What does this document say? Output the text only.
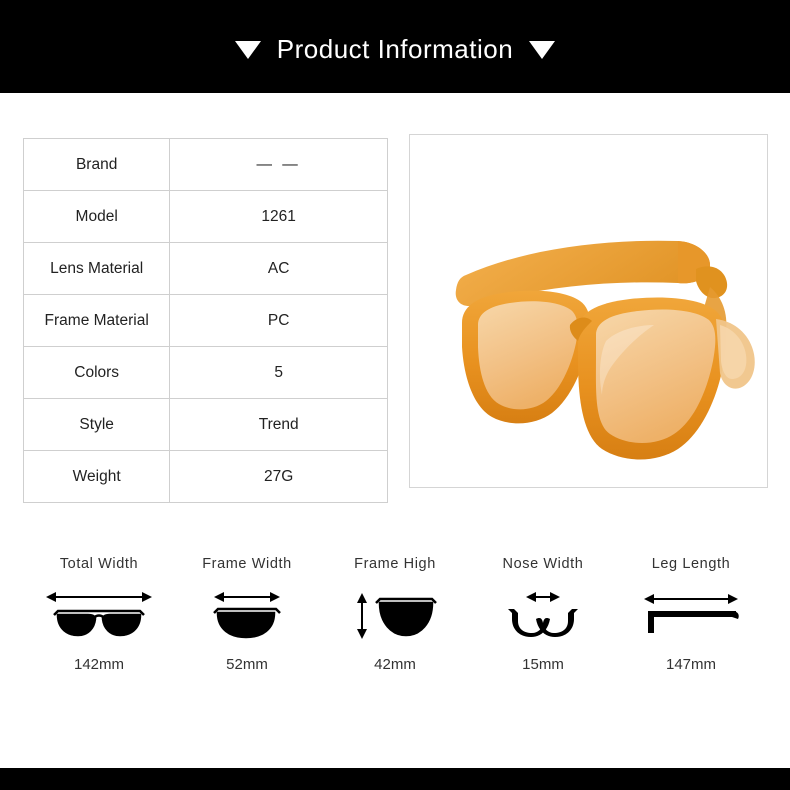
Product Information
Brand	— —
Model	1261
Lens Material	AC
Frame Material	PC
Colors	5
Style	Trend
Weight	27G
Total Width
142mm
Frame Width
52mm
Frame High
42mm
Nose Width
15mm
Leg Length
147mm
